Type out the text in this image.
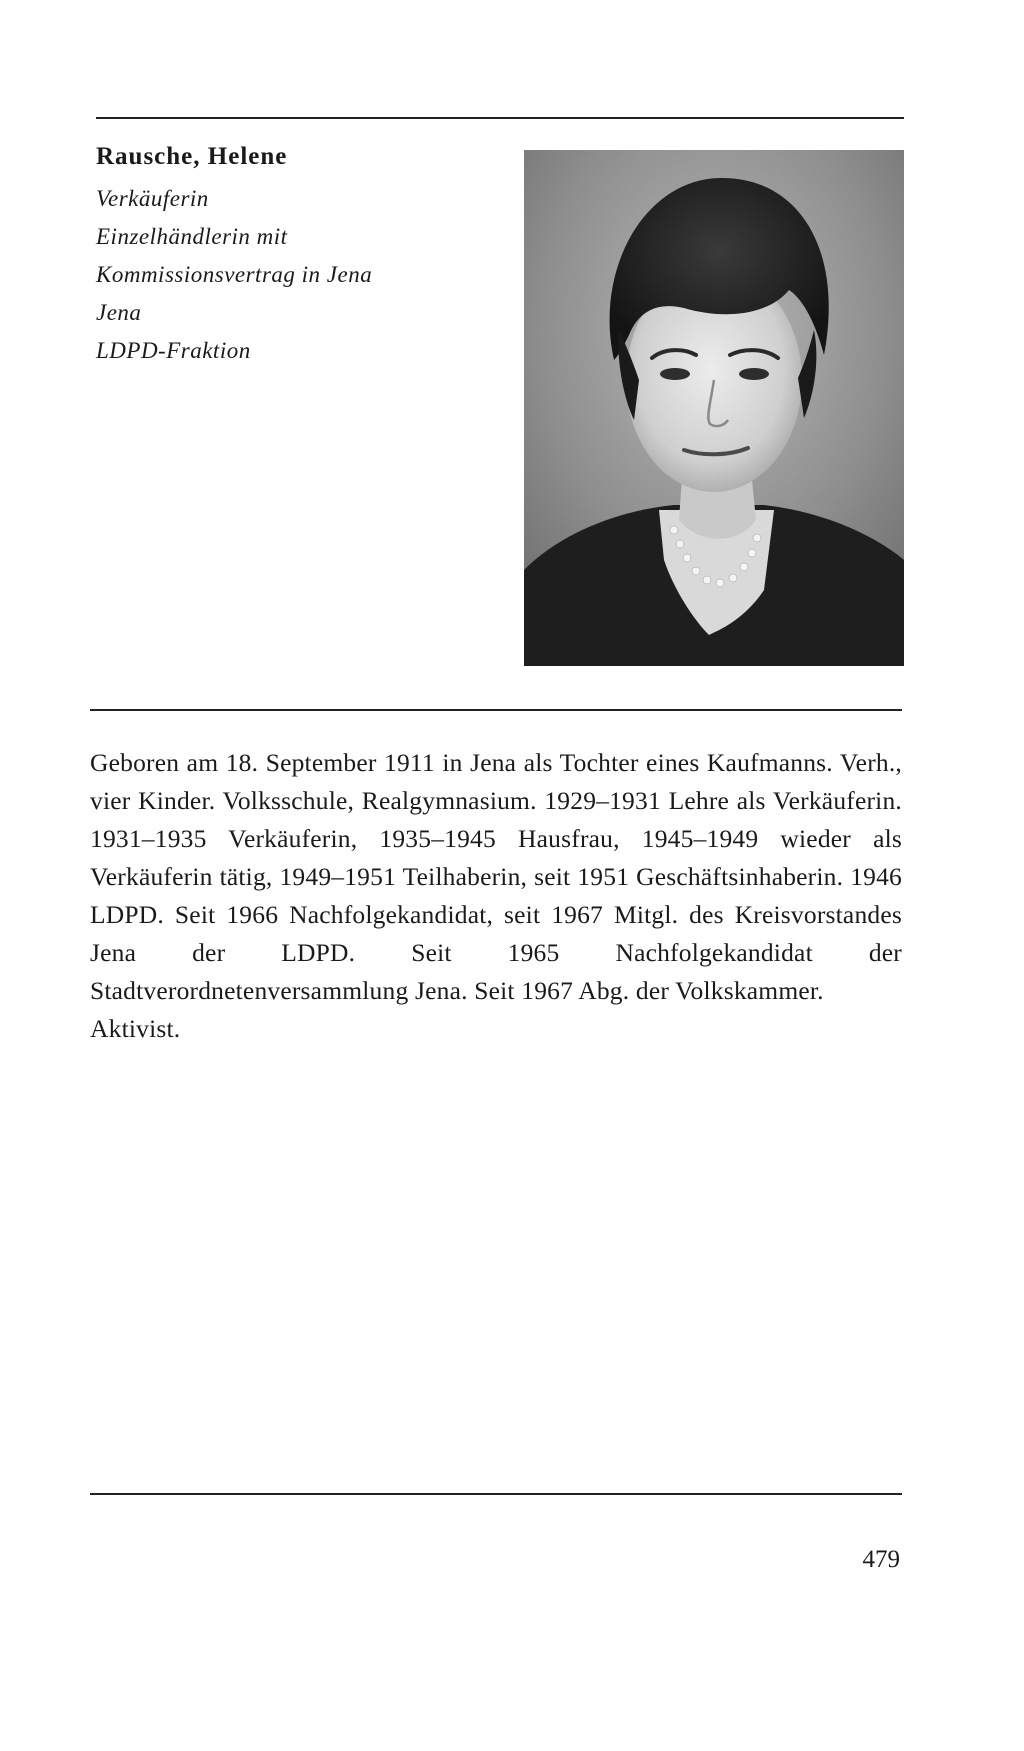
Rausche, Helene
Verkäuferin
Einzelhändlerin mit
Kommissionsvertrag in Jena
Jena
LDPD-Fraktion

Geboren am 18. September 1911 in Jena als Tochter eines Kaufmanns. Verh., vier Kinder. Volksschule, Realgymnasium. 1929–1931 Lehre als Verkäuferin. 1931–1935 Verkäuferin, 1935–1945 Hausfrau, 1945–1949 wieder als Verkäuferin tätig, 1949–1951 Teilhaberin, seit 1951 Geschäftsinhaberin. 1946 LDPD. Seit 1966 Nachfolgekandidat, seit 1967 Mitgl. des Kreisvorstandes Jena der LDPD. Seit 1965 Nachfolgekandidat der Stadtverordnetenversammlung Jena. Seit 1967 Abg. der Volkskammer.

Aktivist.

479
